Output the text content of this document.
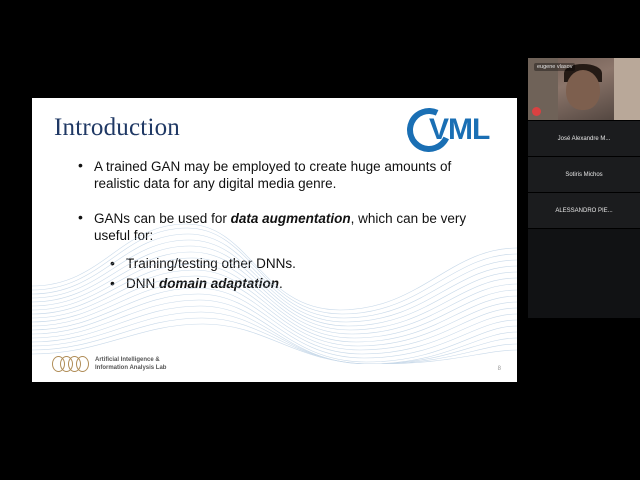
Introduction	VML
• A trained GAN may be employed to create huge amounts of realistic data for any digital media genre.
• GANs can be used for data augmentation, which can be very useful for:
• Training/testing other DNNs.
• DNN domain adaptation.
Artificial Intelligence &
Information Analysis Lab	8
eugene vlasov
José Alexandre M...
Sotiris Michos
ALESSANDRO PIE...
